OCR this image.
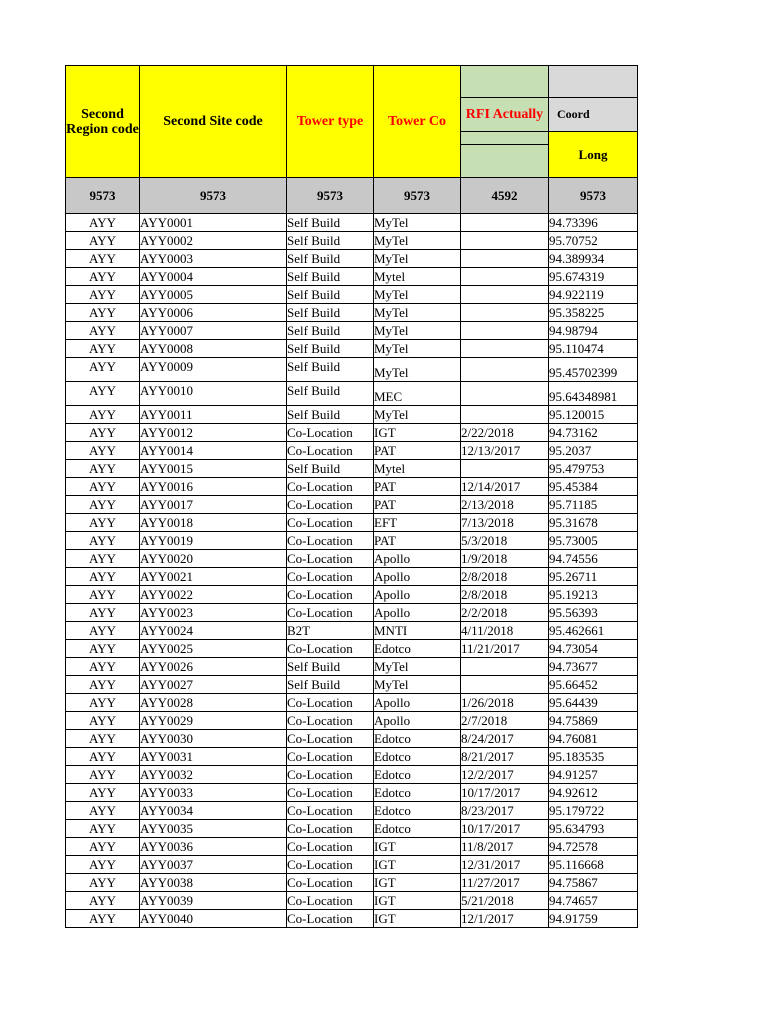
Second Region code	Second Site code	Tower type	Tower Co		
				RFI Actually	Coord

					Long
9573	9573	9573	9573	4592	9573
AYY	AYY0001	Self Build	MyTel		94.73396
AYY	AYY0002	Self Build	MyTel		95.70752
AYY	AYY0003	Self Build	MyTel		94.389934
AYY	AYY0004	Self Build	Mytel		95.674319
AYY	AYY0005	Self Build	MyTel		94.922119
AYY	AYY0006	Self Build	MyTel		95.358225
AYY	AYY0007	Self Build	MyTel		94.98794
AYY	AYY0008	Self Build	MyTel		95.110474
AYY	AYY0009	Self Build	MyTel		95.45702399
AYY	AYY0010	Self Build	MEC		95.64348981
AYY	AYY0011	Self Build	MyTel		95.120015
AYY	AYY0012	Co-Location	IGT	2/22/2018	94.73162
AYY	AYY0014	Co-Location	PAT	12/13/2017	95.2037
AYY	AYY0015	Self Build	Mytel		95.479753
AYY	AYY0016	Co-Location	PAT	12/14/2017	95.45384
AYY	AYY0017	Co-Location	PAT	2/13/2018	95.71185
AYY	AYY0018	Co-Location	EFT	7/13/2018	95.31678
AYY	AYY0019	Co-Location	PAT	5/3/2018	95.73005
AYY	AYY0020	Co-Location	Apollo	1/9/2018	94.74556
AYY	AYY0021	Co-Location	Apollo	2/8/2018	95.26711
AYY	AYY0022	Co-Location	Apollo	2/8/2018	95.19213
AYY	AYY0023	Co-Location	Apollo	2/2/2018	95.56393
AYY	AYY0024	B2T	MNTI	4/11/2018	95.462661
AYY	AYY0025	Co-Location	Edotco	11/21/2017	94.73054
AYY	AYY0026	Self Build	MyTel		94.73677
AYY	AYY0027	Self Build	MyTel		95.66452
AYY	AYY0028	Co-Location	Apollo	1/26/2018	95.64439
AYY	AYY0029	Co-Location	Apollo	2/7/2018	94.75869
AYY	AYY0030	Co-Location	Edotco	8/24/2017	94.76081
AYY	AYY0031	Co-Location	Edotco	8/21/2017	95.183535
AYY	AYY0032	Co-Location	Edotco	12/2/2017	94.91257
AYY	AYY0033	Co-Location	Edotco	10/17/2017	94.92612
AYY	AYY0034	Co-Location	Edotco	8/23/2017	95.179722
AYY	AYY0035	Co-Location	Edotco	10/17/2017	95.634793
AYY	AYY0036	Co-Location	IGT	11/8/2017	94.72578
AYY	AYY0037	Co-Location	IGT	12/31/2017	95.116668
AYY	AYY0038	Co-Location	IGT	11/27/2017	94.75867
AYY	AYY0039	Co-Location	IGT	5/21/2018	94.74657
AYY	AYY0040	Co-Location	IGT	12/1/2017	94.91759
